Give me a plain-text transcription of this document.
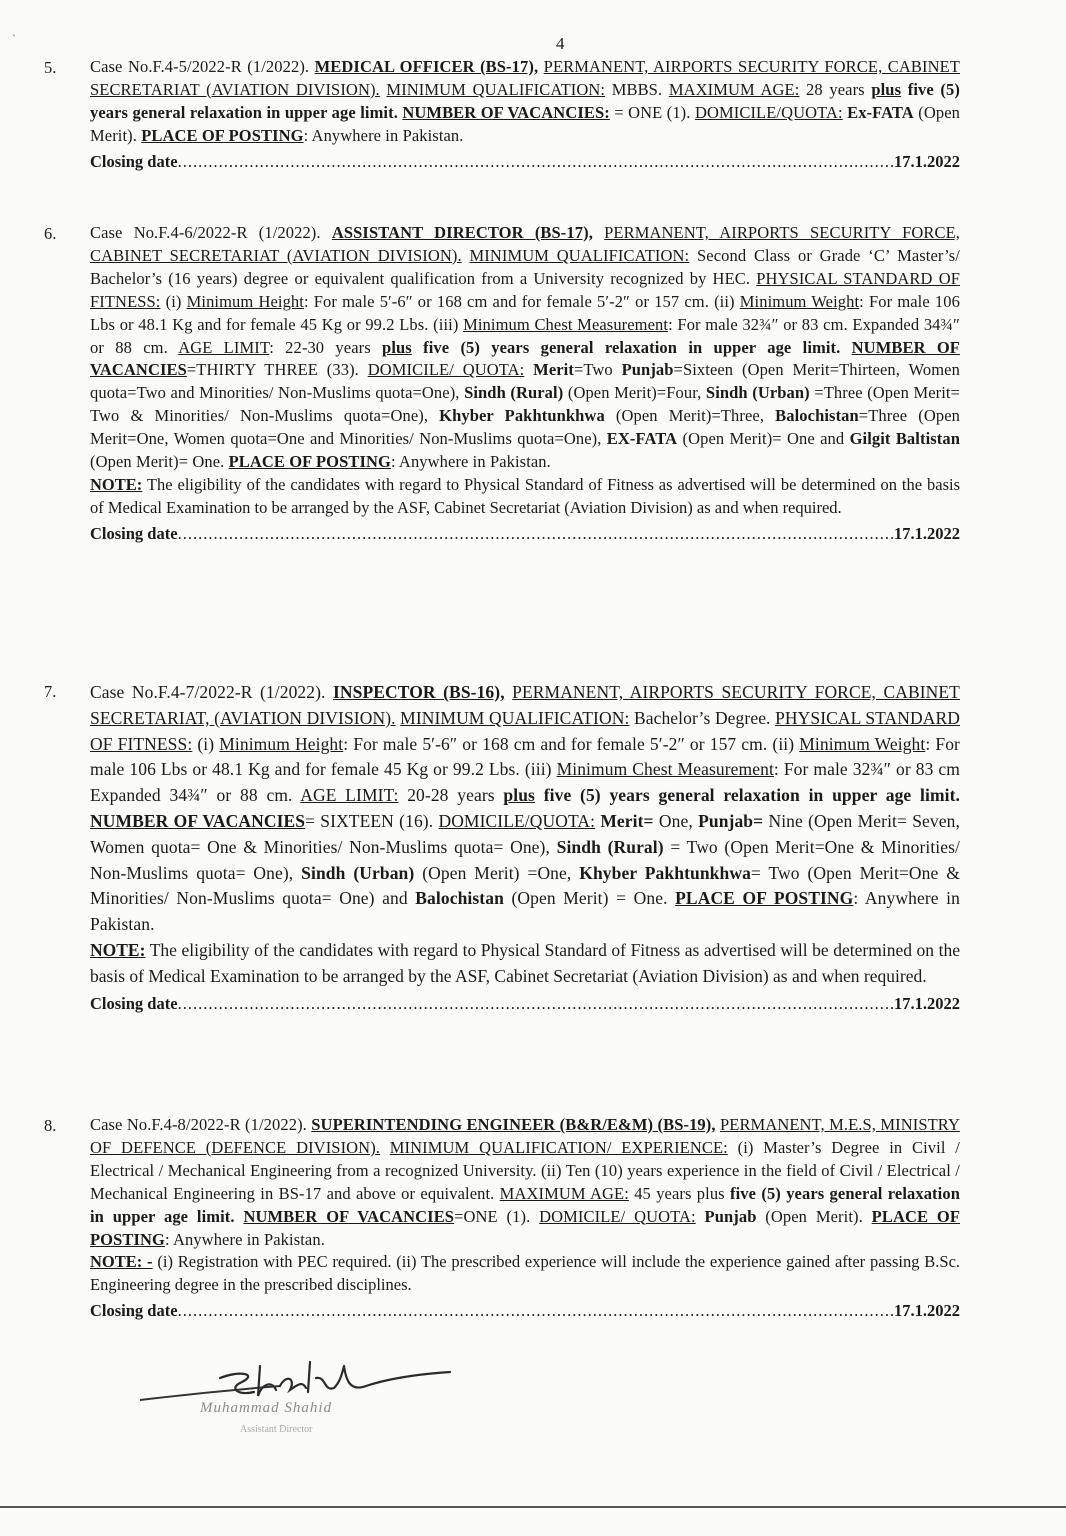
ˋ	4
5. Case No.F.4-5/2022-R (1/2022). MEDICAL OFFICER (BS-17), PERMANENT, AIRPORTS SECURITY FORCE, CABINET SECRETARIAT (AVIATION DIVISION). MINIMUM QUALIFICATION: MBBS. MAXIMUM AGE: 28 years plus five (5) years general relaxation in upper age limit. NUMBER OF VACANCIES: = ONE (1). DOMICILE/QUOTA: Ex-FATA (Open Merit). PLACE OF POSTING: Anywhere in Pakistan.
Closing date .....	17.1.2022
6. Case No.F.4-6/2022-R (1/2022). ASSISTANT DIRECTOR (BS-17), PERMANENT, AIRPORTS SECURITY FORCE, CABINET SECRETARIAT (AVIATION DIVISION). MINIMUM QUALIFICATION: Second Class or Grade ‘C’ Master’s/ Bachelor’s (16 years) degree or equivalent qualification from a University recognized by HEC. PHYSICAL STANDARD OF FITNESS: (i) Minimum Height: For male 5′-6″ or 168 cm and for female 5′-2″ or 157 cm. (ii) Minimum Weight: For male 106 Lbs or 48.1 Kg and for female 45 Kg or 99.2 Lbs. (iii) Minimum Chest Measurement: For male 32¾″ or 83 cm. Expanded 34¾″ or 88 cm. AGE LIMIT: 22-30 years plus five (5) years general relaxation in upper age limit. NUMBER OF VACANCIES=THIRTY THREE (33). DOMICILE/ QUOTA: Merit=Two Punjab=Sixteen (Open Merit=Thirteen, Women quota=Two and Minorities/ Non-Muslims quota=One), Sindh (Rural) (Open Merit)=Four, Sindh (Urban) =Three (Open Merit= Two & Minorities/ Non-Muslims quota=One), Khyber Pakhtunkhwa (Open Merit)=Three, Balochistan=Three (Open Merit=One, Women quota=One and Minorities/ Non-Muslims quota=One), EX-FATA (Open Merit)= One and Gilgit Baltistan (Open Merit)= One. PLACE OF POSTING: Anywhere in Pakistan.
NOTE: The eligibility of the candidates with regard to Physical Standard of Fitness as advertised will be determined on the basis of Medical Examination to be arranged by the ASF, Cabinet Secretariat (Aviation Division) as and when required.
Closing date .....	17.1.2022
7. Case No.F.4-7/2022-R (1/2022). INSPECTOR (BS-16), PERMANENT, AIRPORTS SECURITY FORCE, CABINET SECRETARIAT, (AVIATION DIVISION). MINIMUM QUALIFICATION: Bachelor’s Degree. PHYSICAL STANDARD OF FITNESS: (i) Minimum Height: For male 5′-6″ or 168 cm and for female 5′-2″ or 157 cm. (ii) Minimum Weight: For male 106 Lbs or 48.1 Kg and for female 45 Kg or 99.2 Lbs. (iii) Minimum Chest Measurement: For male 32¾″ or 83 cm Expanded 34¾″ or 88 cm. AGE LIMIT: 20-28 years plus five (5) years general relaxation in upper age limit. NUMBER OF VACANCIES= SIXTEEN (16). DOMICILE/QUOTA: Merit= One, Punjab= Nine (Open Merit= Seven, Women quota= One & Minorities/ Non-Muslims quota= One), Sindh (Rural) = Two (Open Merit=One & Minorities/ Non-Muslims quota= One), Sindh (Urban) (Open Merit) =One, Khyber Pakhtunkhwa= Two (Open Merit=One & Minorities/ Non-Muslims quota= One) and Balochistan (Open Merit) = One. PLACE OF POSTING: Anywhere in Pakistan.
NOTE: The eligibility of the candidates with regard to Physical Standard of Fitness as advertised will be determined on the basis of Medical Examination to be arranged by the ASF, Cabinet Secretariat (Aviation Division) as and when required.
Closing date .....	17.1.2022
8. Case No.F.4-8/2022-R (1/2022). SUPERINTENDING ENGINEER (B&R/E&M) (BS-19), PERMANENT, M.E.S, MINISTRY OF DEFENCE (DEFENCE DIVISION). MINIMUM QUALIFICATION/ EXPERIENCE: (i) Master’s Degree in Civil / Electrical / Mechanical Engineering from a recognized University. (ii) Ten (10) years experience in the field of Civil / Electrical / Mechanical Engineering in BS-17 and above or equivalent. MAXIMUM AGE: 45 years plus five (5) years general relaxation in upper age limit. NUMBER OF VACANCIES=ONE (1). DOMICILE/ QUOTA: Punjab (Open Merit). PLACE OF POSTING: Anywhere in Pakistan.
NOTE: - (i) Registration with PEC required. (ii) The prescribed experience will include the experience gained after passing B.Sc. Engineering degree in the prescribed disciplines.
Closing date .....	17.1.2022
Muhammad Shahid
Assistant Director
